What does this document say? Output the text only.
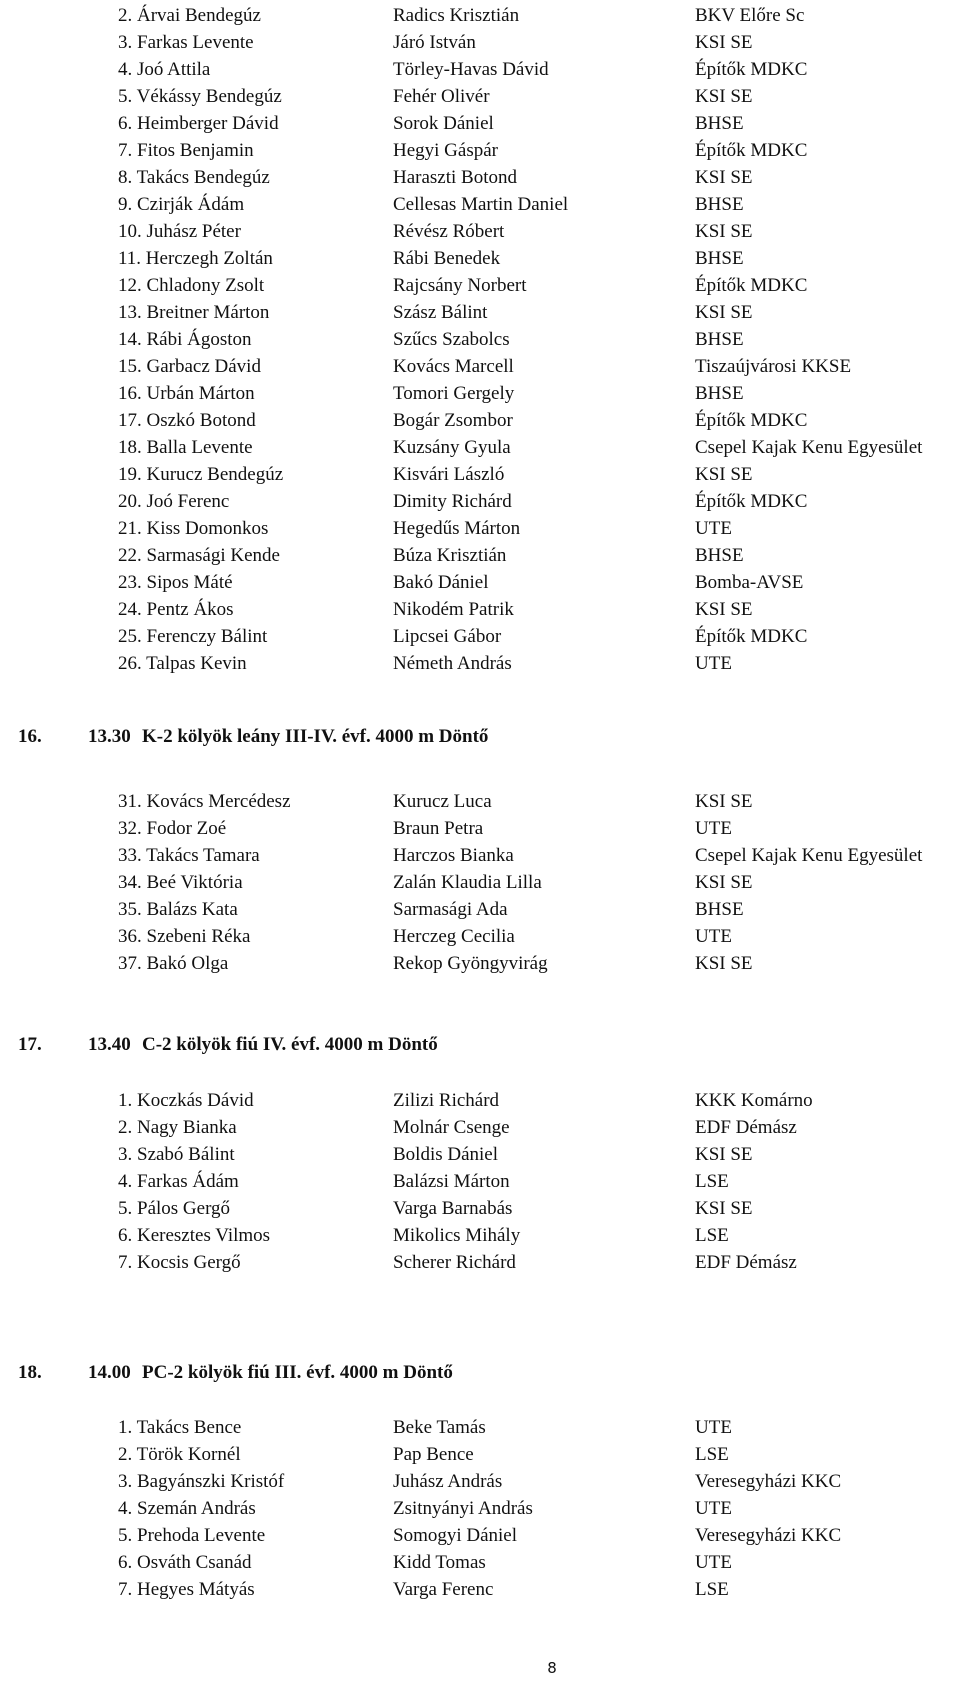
2. Árvai Bendegúz	Radics Krisztián	BKV Előre Sc
3. Farkas Levente	Járó István	KSI SE
4. Joó Attila	Törley-Havas Dávid	Építők MDKC
5. Vékássy Bendegúz	Fehér Olivér	KSI SE
6. Heimberger Dávid	Sorok Dániel	BHSE
7. Fitos Benjamin	Hegyi Gáspár	Építők MDKC
8. Takács Bendegúz	Haraszti Botond	KSI SE
9. Czirják Ádám	Cellesas Martin Daniel	BHSE
10. Juhász Péter	Révész Róbert	KSI SE
11. Herczegh Zoltán	Rábi Benedek	BHSE
12. Chladony Zsolt	Rajcsány Norbert	Építők MDKC
13. Breitner Márton	Szász Bálint	KSI SE
14. Rábi Ágoston	Szűcs Szabolcs	BHSE
15. Garbacz Dávid	Kovács Marcell	Tiszaújvárosi KKSE
16. Urbán Márton	Tomori Gergely	BHSE
17. Oszkó Botond	Bogár Zsombor	Építők MDKC
18. Balla Levente	Kuzsány Gyula	Csepel Kajak Kenu Egyesület
19. Kurucz Bendegúz	Kisvári László	KSI SE
20. Joó Ferenc	Dimity Richárd	Építők MDKC
21. Kiss Domonkos	Hegedűs Márton	UTE
22. Sarmasági Kende	Búza Krisztián	BHSE
23. Sipos Máté	Bakó Dániel	Bomba-AVSE
24. Pentz Ákos	Nikodém Patrik	KSI SE
25. Ferenczy Bálint	Lipcsei Gábor	Építők MDKC
26. Talpas Kevin	Németh András	UTE
16. 13.30 K-2 kölyök leány III-IV. évf. 4000 m Döntő
31. Kovács Mercédesz	Kurucz Luca	KSI SE
32. Fodor Zoé	Braun Petra	UTE
33. Takács Tamara	Harczos Bianka	Csepel Kajak Kenu Egyesület
34. Beé Viktória	Zalán Klaudia Lilla	KSI SE
35. Balázs Kata	Sarmasági Ada	BHSE
36. Szebeni Réka	Herczeg Cecilia	UTE
37. Bakó Olga	Rekop Gyöngyvirág	KSI SE
17. 13.40 C-2 kölyök fiú IV. évf. 4000 m Döntő
1. Koczkás Dávid	Zilizi Richárd	KKK Komárno
2. Nagy Bianka	Molnár Csenge	EDF Démász
3. Szabó Bálint	Boldis Dániel	KSI SE
4. Farkas Ádám	Balázsi Márton	LSE
5. Pálos Gergő	Varga Barnabás	KSI SE
6. Keresztes Vilmos	Mikolics Mihály	LSE
7. Kocsis Gergő	Scherer Richárd	EDF Démász
18. 14.00 PC-2 kölyök fiú III. évf. 4000 m Döntő
1. Takács Bence	Beke Tamás	UTE
2. Török Kornél	Pap Bence	LSE
3. Bagyánszki Kristóf	Juhász András	Veresegyházi KKC
4. Szemán András	Zsitnyányi András	UTE
5. Prehoda Levente	Somogyi Dániel	Veresegyházi KKC
6. Osváth Csanád	Kidd Tomas	UTE
7. Hegyes Mátyás	Varga Ferenc	LSE
8
